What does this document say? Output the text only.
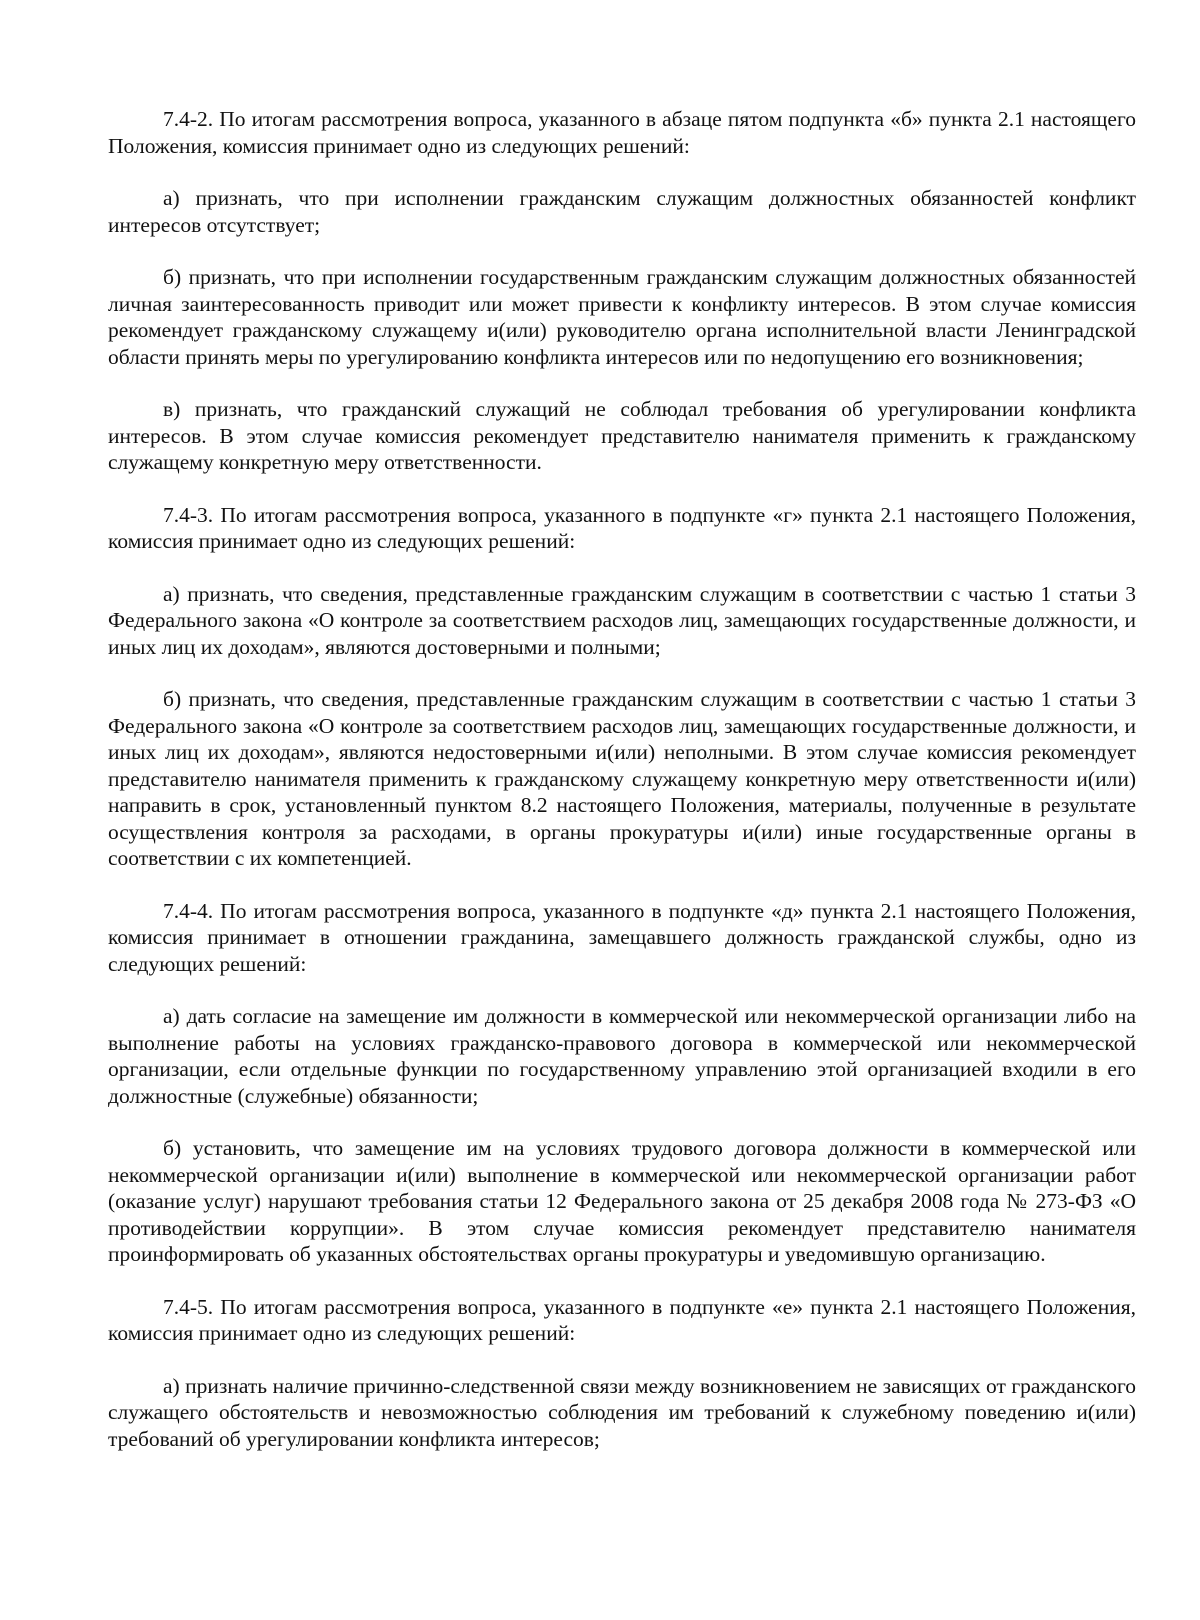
7.4-2. По итогам рассмотрения вопроса, указанного в абзаце пятом подпункта «б» пункта 2.1 настоящего Положения, комиссия принимает одно из следующих решений:

а) признать, что при исполнении гражданским служащим должностных обязанностей конфликт интересов отсутствует;

б) признать, что при исполнении государственным гражданским служащим должностных обязанностей личная заинтересованность приводит или может привести к конфликту интересов. В этом случае комиссия рекомендует гражданскому служащему и(или) руководителю органа исполнительной власти Ленинградской области принять меры по урегулированию конфликта интересов или по недопущению его возникновения;

в) признать, что гражданский служащий не соблюдал требования об урегулировании конфликта интересов. В этом случае комиссия рекомендует представителю нанимателя применить к гражданскому служащему конкретную меру ответственности.

7.4-3. По итогам рассмотрения вопроса, указанного в подпункте «г» пункта 2.1 настоящего Положения, комиссия принимает одно из следующих решений:

а) признать, что сведения, представленные гражданским служащим в соответствии с частью 1 статьи 3 Федерального закона «О контроле за соответствием расходов лиц, замещающих государственные должности, и иных лиц их доходам», являются достоверными и полными;

б) признать, что сведения, представленные гражданским служащим в соответствии с частью 1 статьи 3 Федерального закона «О контроле за соответствием расходов лиц, замещающих государственные должности, и иных лиц их доходам», являются недостоверными и(или) неполными. В этом случае комиссия рекомендует представителю нанимателя применить к гражданскому служащему конкретную меру ответственности и(или) направить в срок, установленный пунктом 8.2 настоящего Положения, материалы, полученные в результате осуществления контроля за расходами, в органы прокуратуры и(или) иные государственные органы в соответствии с их компетенцией.

7.4-4. По итогам рассмотрения вопроса, указанного в подпункте «д» пункта 2.1 настоящего Положения, комиссия принимает в отношении гражданина, замещавшего должность гражданской службы, одно из следующих решений:

а) дать согласие на замещение им должности в коммерческой или некоммерческой организации либо на выполнение работы на условиях гражданско-правового договора в коммерческой или некоммерческой организации, если отдельные функции по государственному управлению этой организацией входили в его должностные (служебные) обязанности;

б) установить, что замещение им на условиях трудового договора должности в коммерческой или некоммерческой организации и(или) выполнение в коммерческой или некоммерческой организации работ (оказание услуг) нарушают требования статьи 12 Федерального закона от 25 декабря 2008 года № 273-ФЗ «О противодействии коррупции». В этом случае комиссия рекомендует представителю нанимателя проинформировать об указанных обстоятельствах органы прокуратуры и уведомившую организацию.

7.4-5. По итогам рассмотрения вопроса, указанного в подпункте «е» пункта 2.1 настоящего Положения, комиссия принимает одно из следующих решений:

а) признать наличие причинно-следственной связи между возникновением не зависящих от гражданского служащего обстоятельств и невозможностью соблюдения им требований к служебному поведению и(или) требований об урегулировании конфликта интересов;
